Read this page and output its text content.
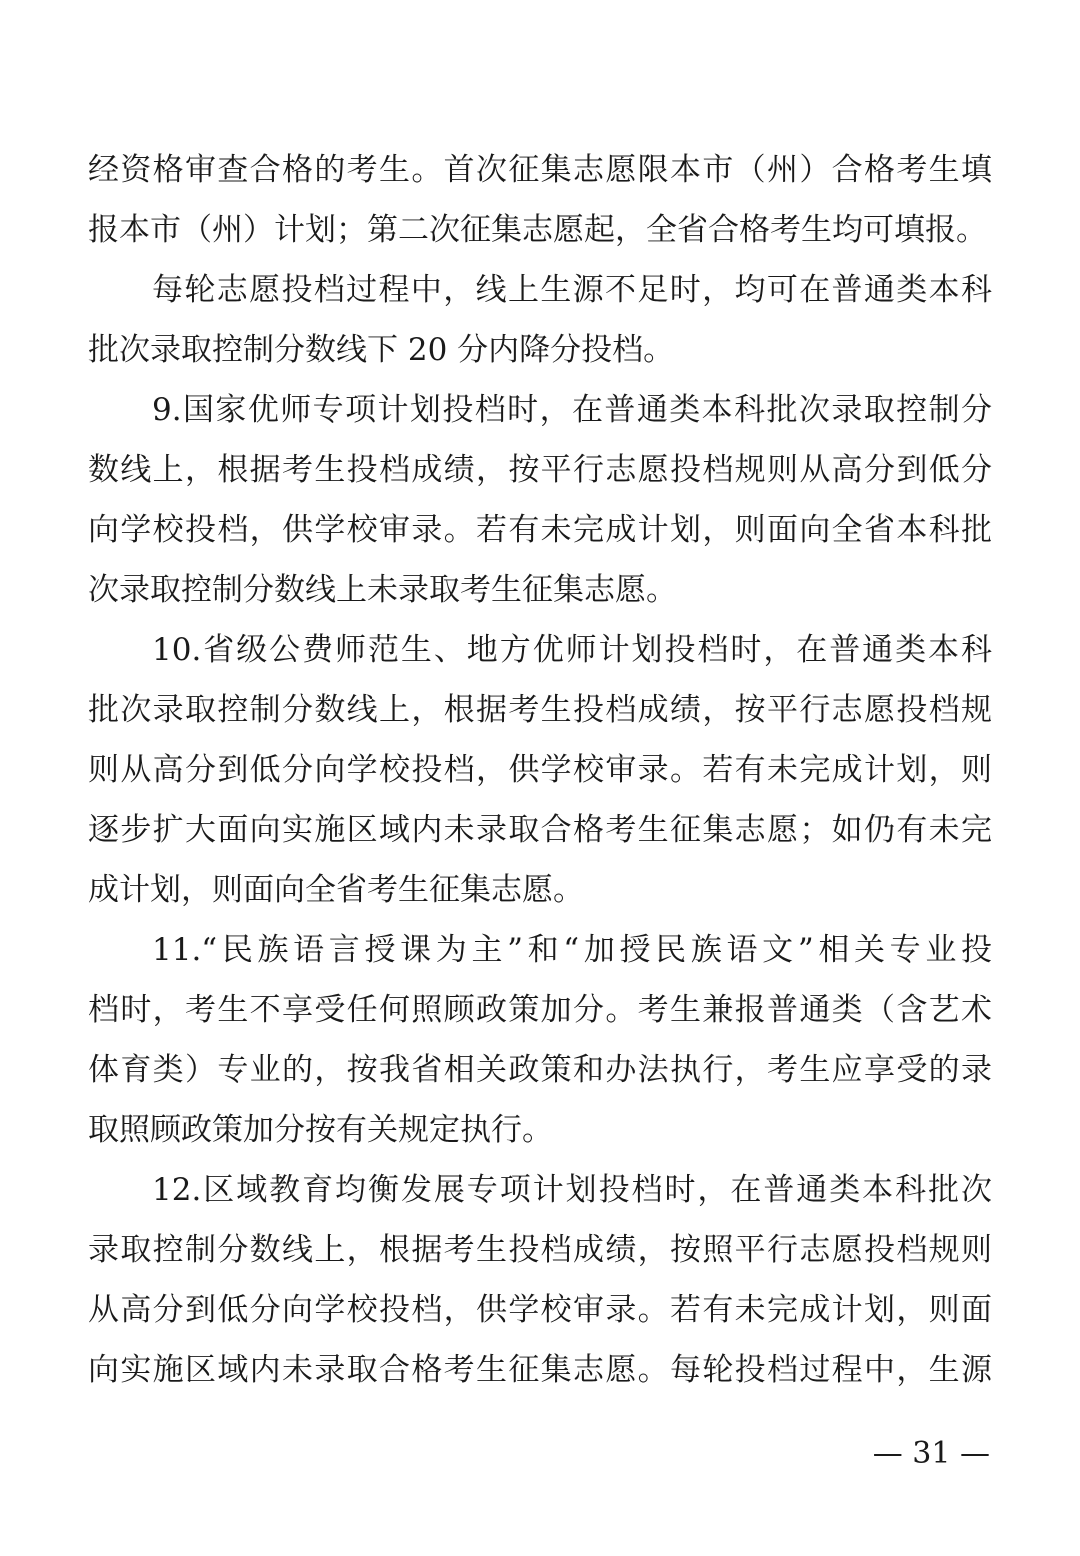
经资格审查合格的考生。首次征集志愿限本市（州）合格考生填
报本市（州）计划；第二次征集志愿起，全省合格考生均可填报。
每轮志愿投档过程中，线上生源不足时，均可在普通类本科
批次录取控制分数线下 20 分内降分投档。
9.国家优师专项计划投档时，在普通类本科批次录取控制分
数线上，根据考生投档成绩，按平行志愿投档规则从高分到低分
向学校投档，供学校审录。若有未完成计划，则面向全省本科批
次录取控制分数线上未录取考生征集志愿。
10.省级公费师范生、地方优师计划投档时，在普通类本科
批次录取控制分数线上，根据考生投档成绩，按平行志愿投档规
则从高分到低分向学校投档，供学校审录。若有未完成计划，则
逐步扩大面向实施区域内未录取合格考生征集志愿；如仍有未完
成计划，则面向全省考生征集志愿。
11.“民族语言授课为主”和“加授民族语文”相关专业投
档时，考生不享受任何照顾政策加分。考生兼报普通类（含艺术
体育类）专业的，按我省相关政策和办法执行，考生应享受的录
取照顾政策加分按有关规定执行。
12.区域教育均衡发展专项计划投档时，在普通类本科批次
录取控制分数线上，根据考生投档成绩，按照平行志愿投档规则
从高分到低分向学校投档，供学校审录。若有未完成计划，则面
向实施区域内未录取合格考生征集志愿。每轮投档过程中，生源
— 31 —
